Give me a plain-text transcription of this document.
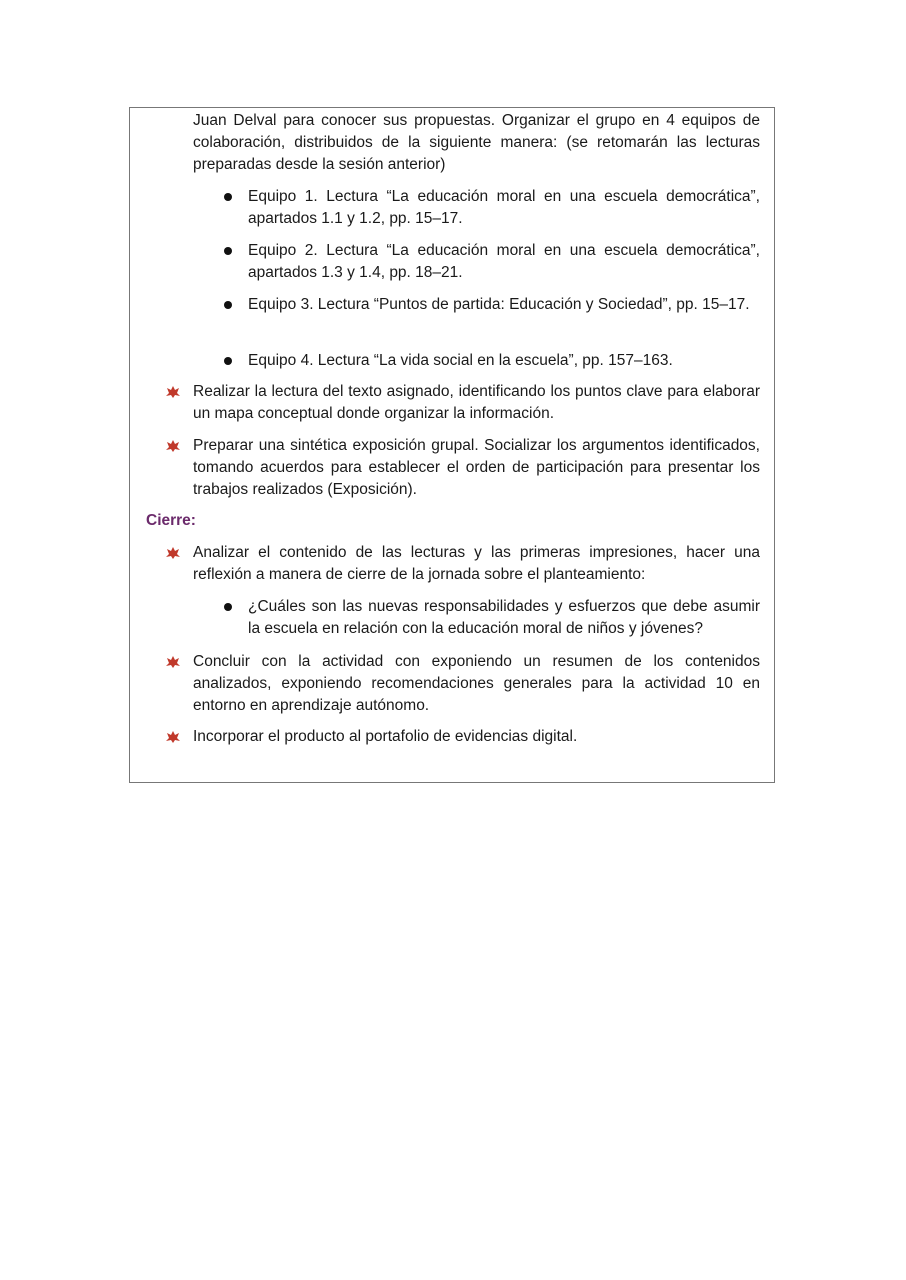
Juan Delval para conocer sus propuestas. Organizar el grupo en 4 equipos de colaboración, distribuidos de la siguiente manera: (se retomarán las lecturas preparadas desde la sesión anterior)

Equipo 1. Lectura “La educación moral en una escuela democrática”, apartados 1.1 y 1.2, pp. 15–17.

Equipo 2. Lectura “La educación moral en una escuela democrática”, apartados 1.3 y 1.4, pp. 18–21.

Equipo 3. Lectura “Puntos de partida: Educación y Sociedad”, pp. 15–17.

Equipo 4. Lectura “La vida social en la escuela”, pp. 157–163.

Realizar la lectura del texto asignado, identificando los puntos clave para elaborar un mapa conceptual donde organizar la información.

Preparar una sintética exposición grupal. Socializar los argumentos identificados, tomando acuerdos para establecer el orden de participación para presentar los trabajos realizados (Exposición).

Cierre:

Analizar el contenido de las lecturas y las primeras impresiones, hacer una reflexión a manera de cierre de la jornada sobre el planteamiento:

¿Cuáles son las nuevas responsabilidades y esfuerzos que debe asumir la escuela en relación con la educación moral de niños y jóvenes?

Concluir con la actividad con exponiendo un resumen de los contenidos analizados, exponiendo recomendaciones generales para la actividad 10 en entorno en aprendizaje autónomo.

Incorporar el producto al portafolio de evidencias digital.
